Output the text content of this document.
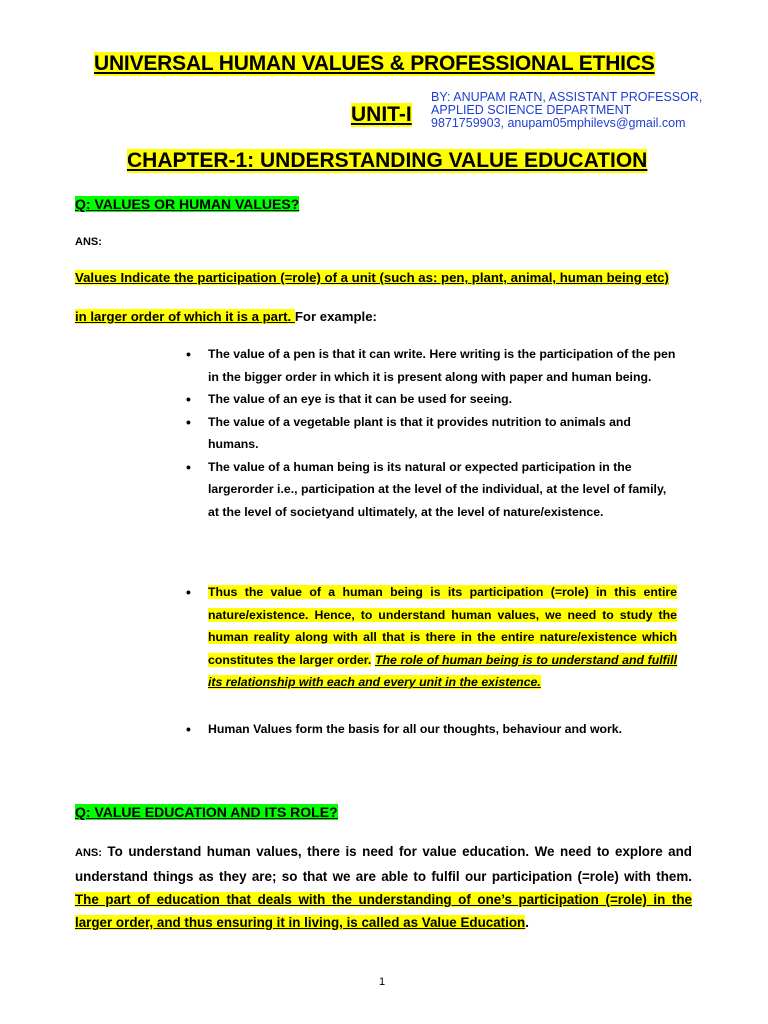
UNIVERSAL HUMAN VALUES & PROFESSIONAL ETHICS
UNIT-I
BY: ANUPAM RATN, ASSISTANT PROFESSOR,
APPLIED SCIENCE DEPARTMENT
9871759903, anupam05mphilevs@gmail.com
CHAPTER-1: UNDERSTANDING VALUE EDUCATION
Q: VALUES OR HUMAN VALUES?
ANS:
Values Indicate the participation (=role) of a unit (such as: pen, plant, animal, human being etc)
in larger order of which it is a part. For example:
• The value of a pen is that it can write. Here writing is the participation of the pen in the bigger order in which it is present along with paper and human being.
• The value of an eye is that it can be used for seeing.
• The value of a vegetable plant is that it provides nutrition to animals and humans.
• The value of a human being is its natural or expected participation in the largerorder i.e., participation at the level of the individual, at the level of family, at the level of societyand ultimately, at the level of nature/existence.
• Thus the value of a human being is its participation (=role) in this entire nature/existence. Hence, to understand human values, we need to study the human reality along with all that is there in the entire nature/existence which constitutes the larger order. The role of human being is to understand and fulfill its relationship with each and every unit in the existence.
• Human Values form the basis for all our thoughts, behaviour and work.
Q: VALUE EDUCATION AND ITS ROLE?
ANS: To understand human values, there is need for value education. We need to explore and understand things as they are; so that we are able to fulfil our participation (=role) with them. The part of education that deals with the understanding of one’s participation (=role) in the larger order, and thus ensuring it in living, is called as Value Education.
1
